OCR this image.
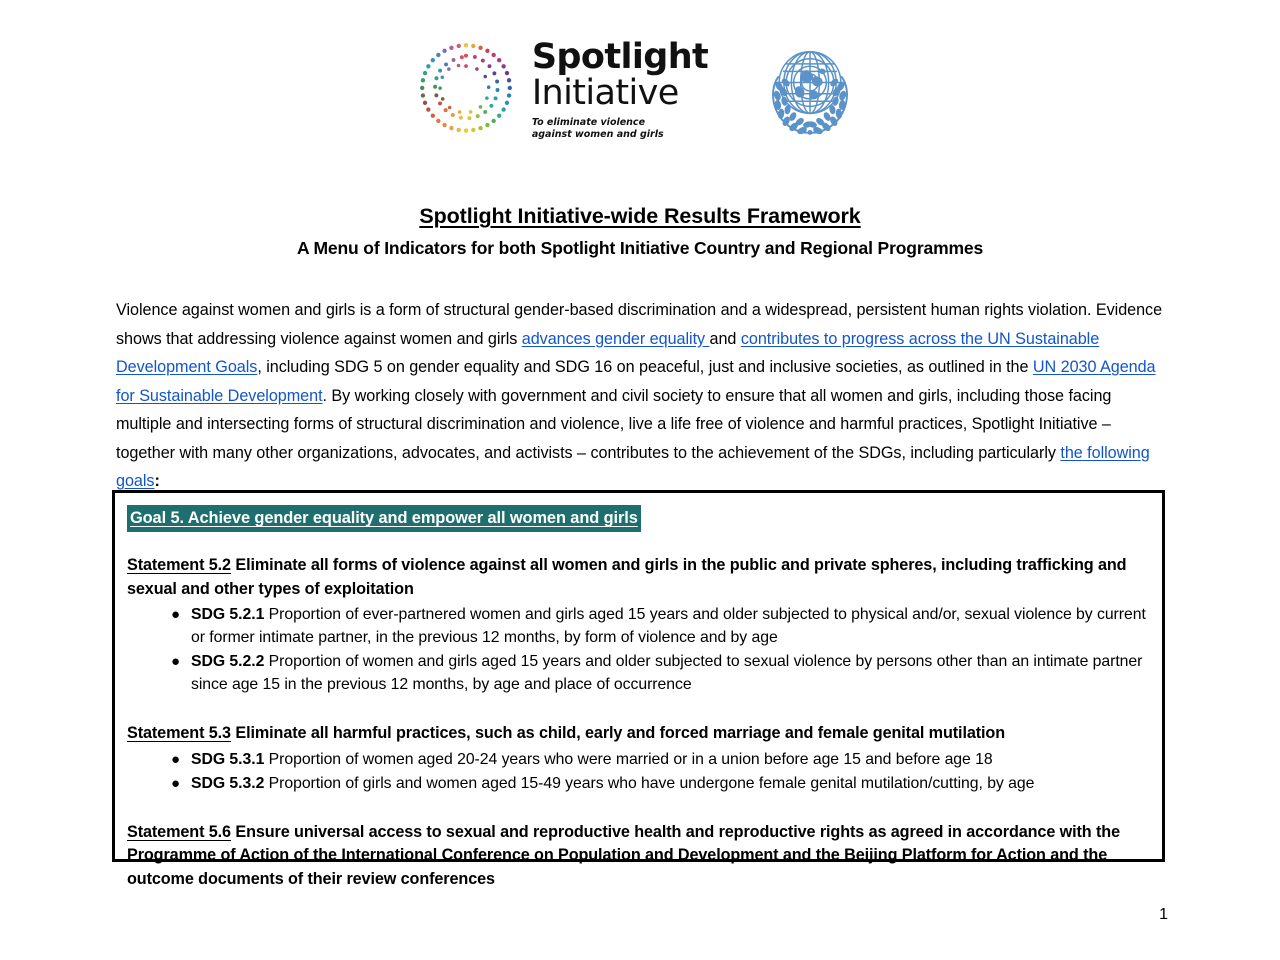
Spotlight
Initiative
To eliminate violence
against women and girls
Spotlight Initiative-wide Results Framework
A Menu of Indicators for both Spotlight Initiative Country and Regional Programmes
Violence against women and girls is a form of structural gender-based discrimination and a widespread, persistent human rights violation. Evidence shows that addressing violence against women and girls advances gender equality and contributes to progress across the UN Sustainable Development Goals, including SDG 5 on gender equality and SDG 16 on peaceful, just and inclusive societies, as outlined in the UN 2030 Agenda for Sustainable Development. By working closely with government and civil society to ensure that all women and girls, including those facing multiple and intersecting forms of structural discrimination and violence, live a life free of violence and harmful practices, Spotlight Initiative – together with many other organizations, advocates, and activists – contributes to the achievement of the SDGs, including particularly the following goals:
Goal 5. Achieve gender equality and empower all women and girls
Statement 5.2 Eliminate all forms of violence against all women and girls in the public and private spheres, including trafficking and sexual and other types of exploitation
● SDG 5.2.1 Proportion of ever-partnered women and girls aged 15 years and older subjected to physical and/or, sexual violence by current or former intimate partner, in the previous 12 months, by form of violence and by age
● SDG 5.2.2 Proportion of women and girls aged 15 years and older subjected to sexual violence by persons other than an intimate partner since age 15 in the previous 12 months, by age and place of occurrence
Statement 5.3 Eliminate all harmful practices, such as child, early and forced marriage and female genital mutilation
● SDG 5.3.1 Proportion of women aged 20-24 years who were married or in a union before age 15 and before age 18
● SDG 5.3.2 Proportion of girls and women aged 15-49 years who have undergone female genital mutilation/cutting, by age
Statement 5.6 Ensure universal access to sexual and reproductive health and reproductive rights as agreed in accordance with the Programme of Action of the International Conference on Population and Development and the Beijing Platform for Action and the outcome documents of their review conferences
1
